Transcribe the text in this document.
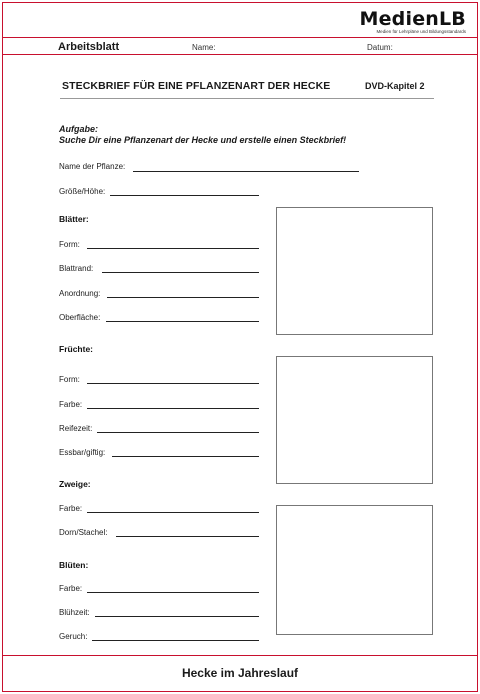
MedienLB
Medien für Lehrpläne und Bildungsstandards
Arbeitsblatt	Name:	Datum:
STECKBRIEF FÜR EINE PFLANZENART DER HECKE	DVD-Kapitel 2
Aufgabe:
Suche Dir eine Pflanzenart der Hecke und erstelle einen Steckbrief!
Name der Pflanze:
Größe/Höhe:
Blätter:
Form:
Blattrand:
Anordnung:
Oberfläche:
Früchte:
Form:
Farbe:
Reifezeit:
Essbar/giftig:
Zweige:
Farbe:
Dorn/Stachel:
Blüten:
Farbe:
Blühzeit:
Geruch:
Hecke im Jahreslauf
